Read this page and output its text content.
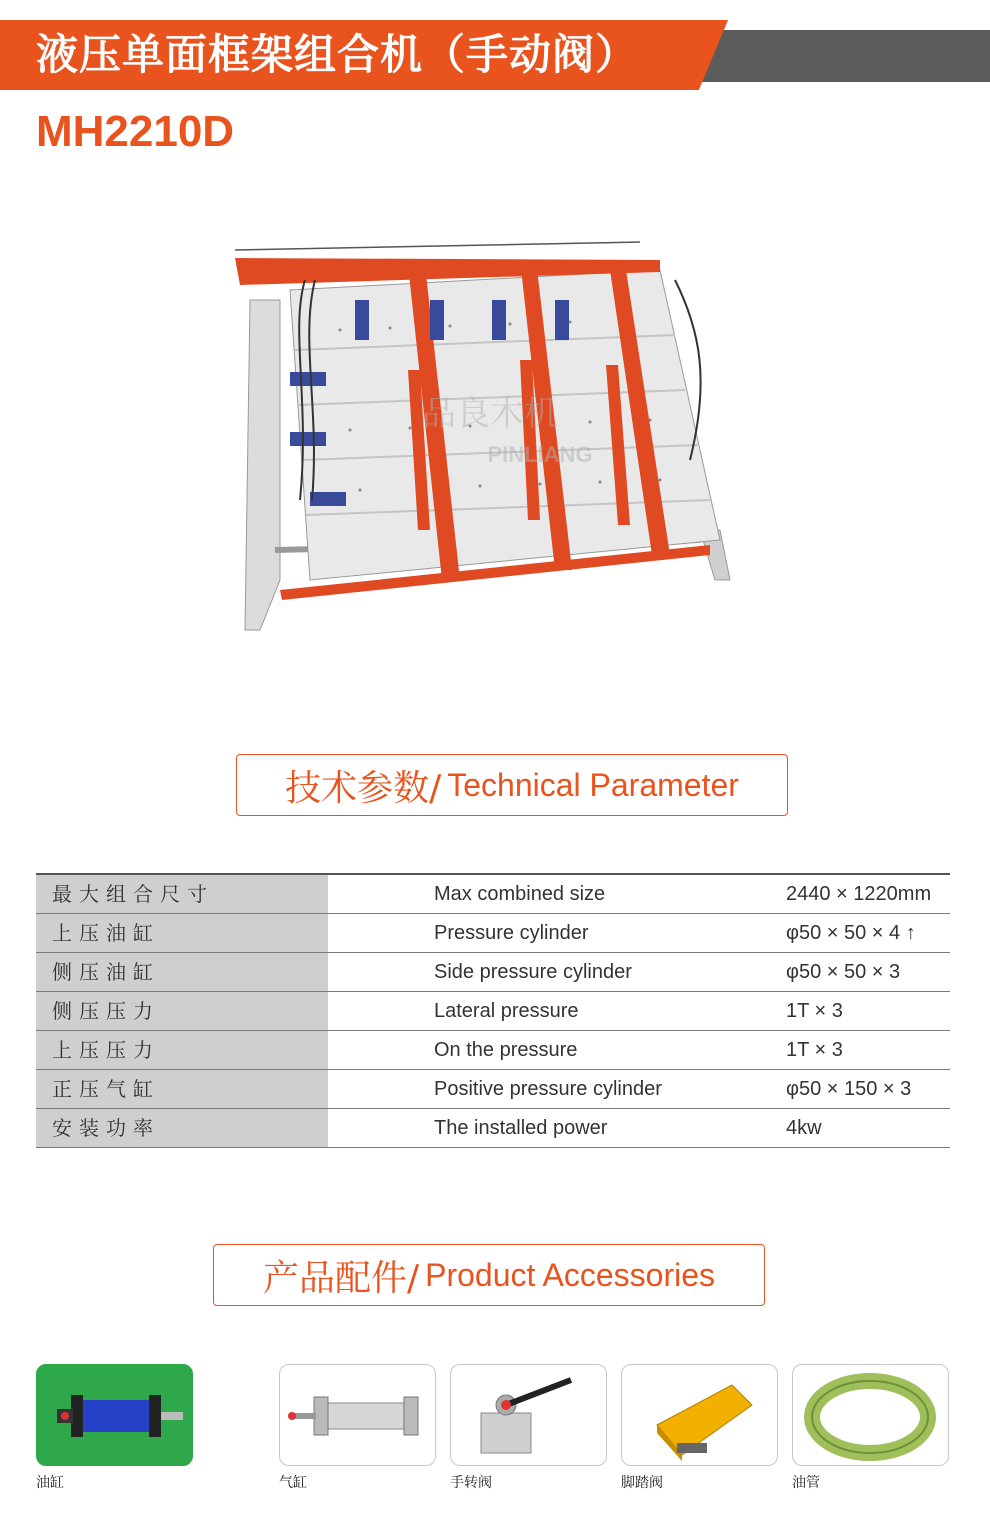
液压单面框架组合机（手动阀）
MH2210D
品良木机
PINLIANG
技术参数/ Technical Parameter
最大组合尺寸	Max combined size	2440 × 1220mm
上压油缸	Pressure cylinder	φ50 × 50 × 4 ↑
侧压油缸	Side pressure cylinder	φ50 × 50 × 3
侧压压力	Lateral pressure	1T × 3
上压压力	On the pressure	1T × 3
正压气缸	Positive pressure cylinder	φ50 × 150 × 3
安装功率	The installed power	4kw
产品配件/ Product Accessories
油缸	气缸	手转阀	脚踏阀	油管
